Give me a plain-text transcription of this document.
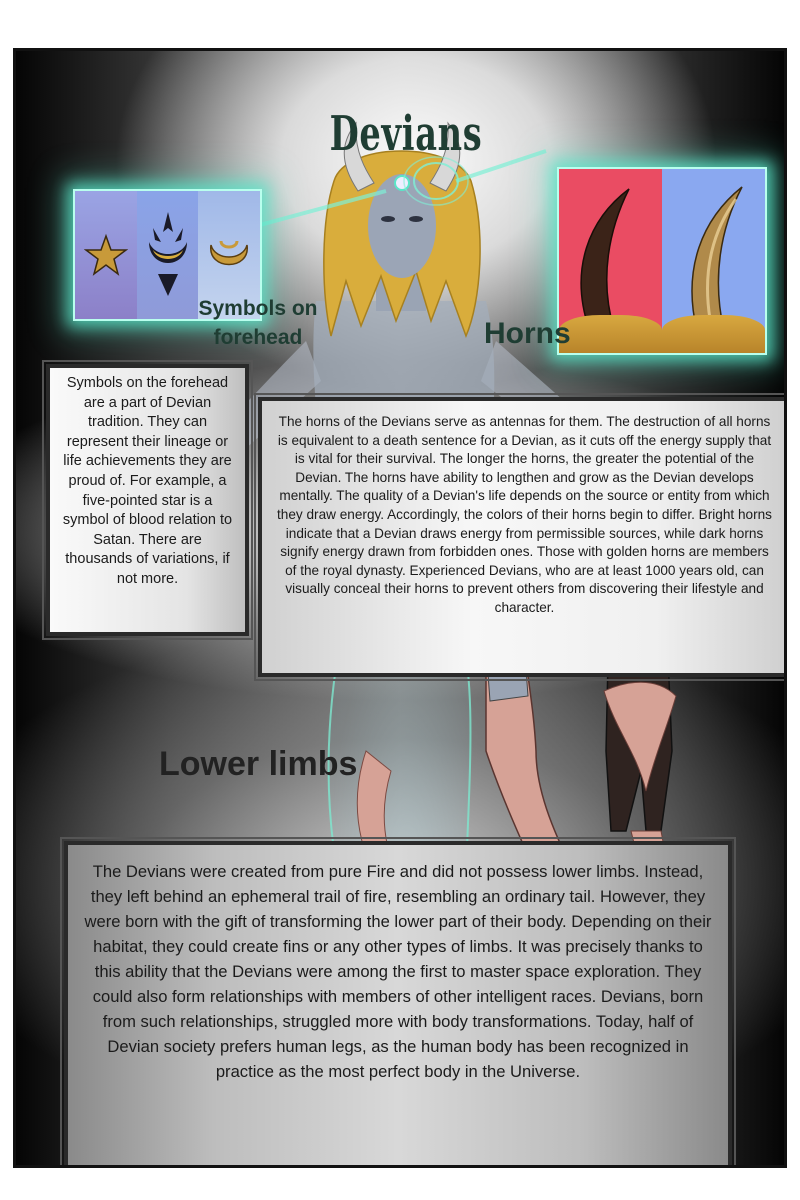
Devians
Symbols on forehead	Horns
Symbols on the forehead are a part of Devian tradition. They can represent their lineage or life achievements they are proud of. For example, a five-pointed star is a symbol of blood relation to Satan. There are thousands of variations, if not more.
The horns of the Devians serve as antennas for them. The destruction of all horns is equivalent to a death sentence for a Devian, as it cuts off the energy supply that is vital for their survival. The longer the horns, the greater the potential of the Devian. The horns have ability to lengthen and grow as the Devian develops mentally. The quality of a Devian's life depends on the source or entity from which they draw energy. Accordingly, the colors of their horns begin to differ. Bright horns indicate that a Devian draws energy from permissible sources, while dark horns signify energy drawn from forbidden ones. Those with golden horns are members of the royal dynasty. Experienced Devians, who are at least 1000 years old, can visually conceal their horns to prevent others from discovering their lifestyle and character.
Lower limbs
The Devians were created from pure Fire and did not possess lower limbs. Instead, they left behind an ephemeral trail of fire, resembling an ordinary tail. However, they were born with the gift of transforming the lower part of their body. Depending on their habitat, they could create fins or any other types of limbs. It was precisely thanks to this ability that the Devians were among the first to master space exploration. They could also form relationships with members of other intelligent races. Devians, born from such relationships, struggled more with body transformations. Today, half of Devian society prefers human legs, as the human body has been recognized in practice as the most perfect body in the Universe.
